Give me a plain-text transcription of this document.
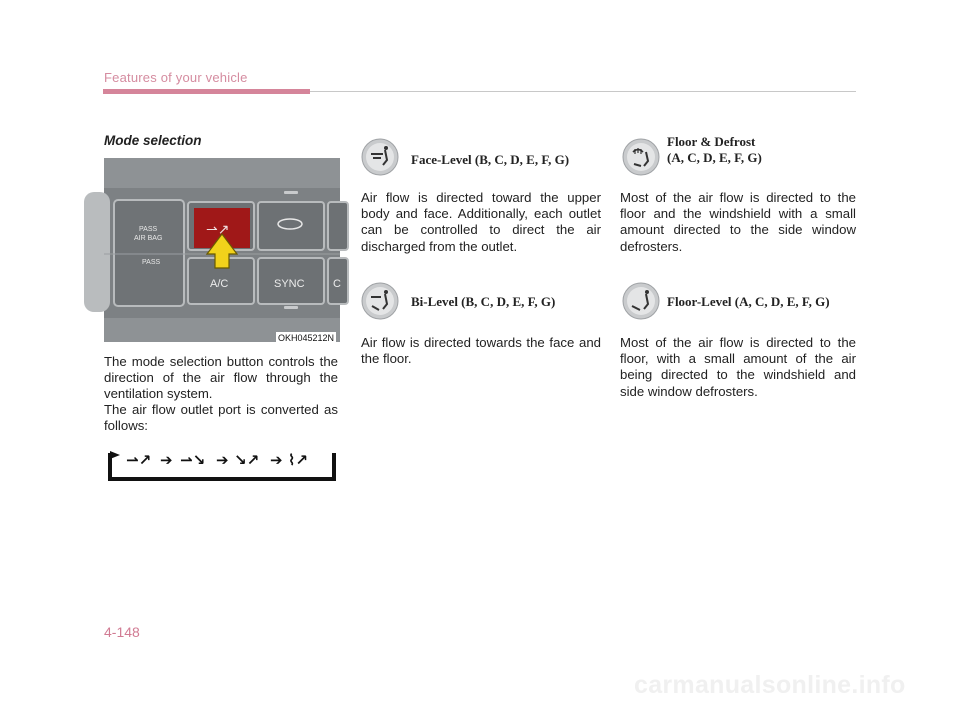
Features of your vehicle
Mode selection
PASS
AIR BAG
PASS
⇀↗
A/C	SYNC	C
OKH045212N
The mode selection button controls the direction of the air flow through the ventilation system.
The air flow outlet port is converted as follows:
⇀↗ ➔ ⇀↘ ➔ ↘↗ ➔ ⌇↗
Face-Level (B, C, D, E, F, G)
Air flow is directed toward the upper body and face. Additionally, each outlet can be controlled to direct the air discharged from the outlet.
Bi-Level (B, C, D, E, F, G)
Air flow is directed towards the face and the floor.
Floor & Defrost
(A, C, D, E, F, G)
Most of the air flow is directed to the floor and the windshield with a small amount directed to the side window defrosters.
Floor-Level (A, C, D, E, F, G)
Most of the air flow is directed to the floor, with a small amount of the air being directed to the windshield and side window defrosters.
4-148
carmanualsonline.info
